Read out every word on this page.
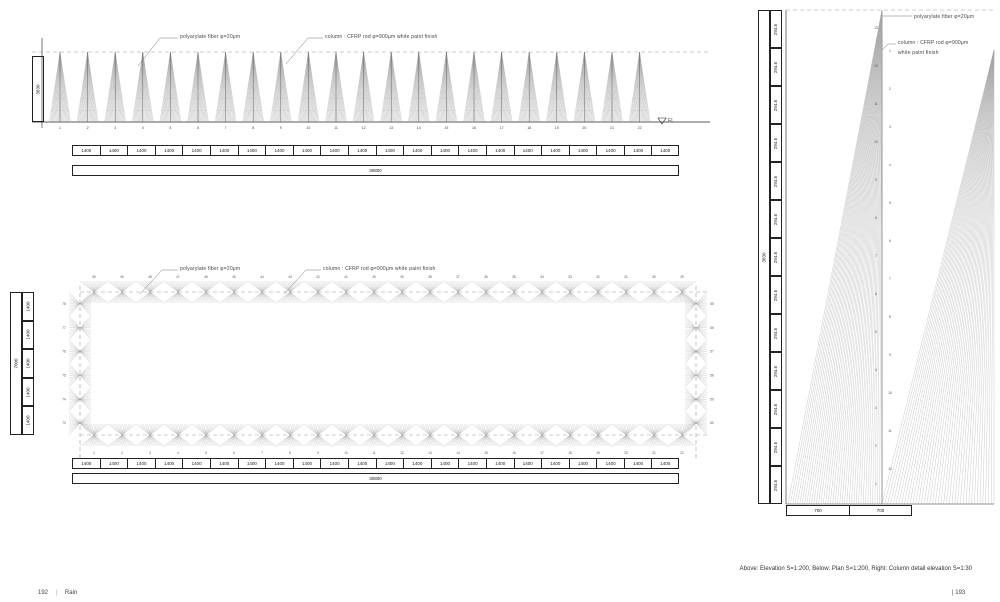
1	2	3	4	5	6	7	8	9	10	11	12	13	14	15	16	17	18	19	20	21	22
3830
FL
polyarylate fiber φ=20μm	column : CFRP rod φ=900μm white paint finish
1400	1400	1400	1400	1400	1400	1400	1400	1400	1400	1400	1400	1400	1400	1400	1400	1400	1400	1400	1400	1400	1400
30800
1
50
2
49
3
48
4
47
5
46
6
45
7
44
8
43
9
42
10
41
11
40
12
39
13
38
14
37
15
36
16
35
17
34
18
33
19
32
20
31
21
30
22
29
78	55
77	56
76	57
75	58
74	59
73	60
polyarylate fiber φ=20μm	column : CFRP rod φ=900μm white paint finish
1400
1400
1400
1400
1400
7000
1400	1400	1400	1400	1400	1400	1400	1400	1400	1400	1400	1400	1400	1400	1400	1400	1400	1400	1400	1400	1400	1400
30800
1
2
3
4
5
6
7
8
9
10
11
12
13
12
11
10
9
8
7
6
5
4
3
2
1
polyarylate fiber φ=20μm
column : CFRP rod φ=900μm
white paint finish
294.6
294.6
294.6
294.6
294.6
294.6
294.6
294.6
294.6
294.6
294.6
294.6
294.6
3830
700	700
Above: Elevation S=1:200, Below: Plan S=1:200, Right: Column detail elevation S=1:30
192 | Rain	| 193
